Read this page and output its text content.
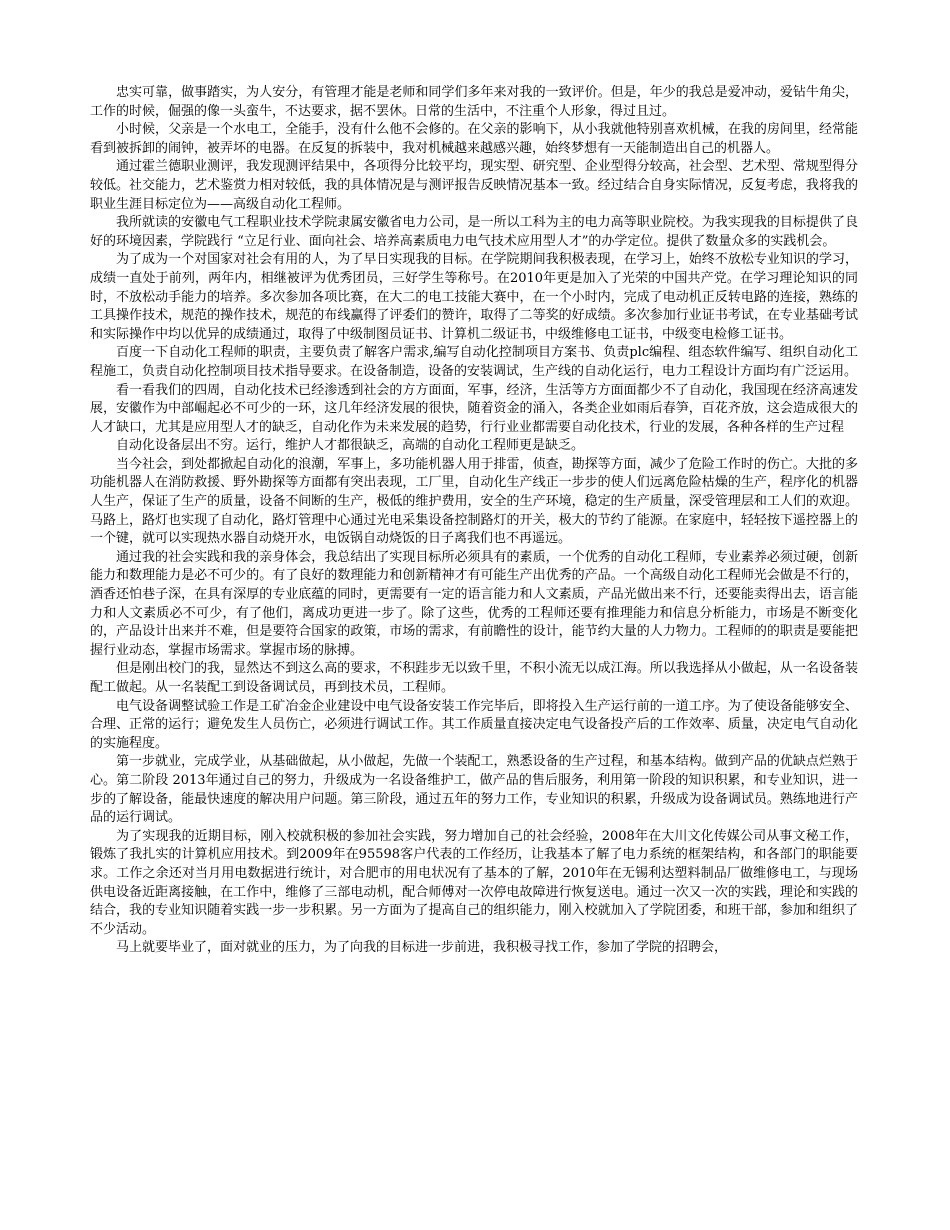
忠实可靠，做事踏实，为人安分，有管理才能是老师和同学们多年来对我的一致评价。但是，年少的我总是爱冲动，爱钻牛角尖，工作的时候，倔强的像一头蛮牛，不达要求，据不罢休。日常的生活中，不注重个人形象，得过且过。

小时候，父亲是一个水电工，全能手，没有什么他不会修的。在父亲的影响下，从小我就他特别喜欢机械，在我的房间里，经常能看到被拆卸的闹钟，被弄坏的电器。在反复的拆装中，我对机械越来越感兴趣，始终梦想有一天能制造出自己的机器人。

通过霍兰德职业测评，我发现测评结果中，各项得分比较平均，现实型、研究型、企业型得分较高，社会型、艺术型、常规型得分较低。社交能力，艺术鉴赏力相对较低，我的具体情况是与测评报告反映情况基本一致。经过结合自身实际情况，反复考虑，我将我的职业生涯目标定位为——高级自动化工程师。

我所就读的安徽电气工程职业技术学院隶属安徽省电力公司，是一所以工科为主的电力高等职业院校。为我实现我的目标提供了良好的环境因素，学院践行 “立足行业、面向社会、培养高素质电力电气技术应用型人才”的办学定位。提供了数量众多的实践机会。

为了成为一个对国家对社会有用的人，为了早日实现我的目标。在学院期间我积极表现，在学习上，始终不放松专业知识的学习，成绩一直处于前列，两年内，相继被评为优秀团员，三好学生等称号。在2010年更是加入了光荣的中国共产党。在学习理论知识的同时，不放松动手能力的培养。多次参加各项比赛，在大二的电工技能大赛中，在一个小时内，完成了电动机正反转电路的连接，熟练的工具操作技术，规范的操作技术，规范的布线赢得了评委们的赞许，取得了二等奖的好成绩。多次参加行业证书考试，在专业基础考试和实际操作中均以优异的成绩通过，取得了中级制图员证书、计算机二级证书，中级维修电工证书，中级变电检修工证书。

百度一下自动化工程师的职责，主要负责了解客户需求,编写自动化控制项目方案书、负责plc编程、组态软件编写、组织自动化工程施工，负责自动化控制项目技术指导要求。在设备制造，设备的安装调试，生产线的自动化运行，电力工程设计方面均有广泛运用。

看一看我们的四周，自动化技术已经渗透到社会的方方面面，军事，经济，生活等方方面面都少不了自动化，我国现在经济高速发展，安徽作为中部崛起必不可少的一环，这几年经济发展的很快，随着资金的涌入，各类企业如雨后春笋，百花齐放，这会造成很大的人才缺口，尤其是应用型人才的缺乏，自动化作为未来发展的趋势，行行业业都需要自动化技术，行业的发展，各种各样的生产过程

自动化设备层出不穷。运行，维护人才都很缺乏，高端的自动化工程师更是缺乏。

当今社会，到处都掀起自动化的浪潮，军事上，多功能机器人用于排雷，侦查，勘探等方面，减少了危险工作时的伤亡。大批的多功能机器人在消防救援、野外勘探等方面都有突出表现，工厂里，自动化生产线正一步步的使人们远离危险枯燥的生产，程序化的机器人生产，保证了生产的质量，设备不间断的生产，极低的维护费用，安全的生产环境，稳定的生产质量，深受管理层和工人们的欢迎。马路上，路灯也实现了自动化，路灯管理中心通过光电采集设备控制路灯的开关，极大的节约了能源。在家庭中，轻轻按下遥控器上的一个键，就可以实现热水器自动烧开水，电饭锅自动烧饭的日子离我们也不再遥远。

通过我的社会实践和我的亲身体会，我总结出了实现目标所必须具有的素质，一个优秀的自动化工程师，专业素养必须过硬，创新能力和数理能力是必不可少的。有了良好的数理能力和创新精神才有可能生产出优秀的产品。一个高级自动化工程师光会做是不行的，酒香还怕巷子深，在具有深厚的专业底蕴的同时，更需要有一定的语言能力和人文素质，产品光做出来不行，还要能卖得出去，语言能力和人文素质必不可少，有了他们，离成功更进一步了。除了这些，优秀的工程师还要有推理能力和信息分析能力，市场是不断变化的，产品设计出来并不难，但是要符合国家的政策，市场的需求，有前瞻性的设计，能节约大量的人力物力。工程师的的职责是要能把握行业动态，掌握市场需求。掌握市场的脉搏。

但是刚出校门的我，显然达不到这么高的要求，不积跬步无以致千里，不积小流无以成江海。所以我选择从小做起，从一名设备装配工做起。从一名装配工到设备调试员，再到技术员，工程师。

电气设备调整试验工作是工矿冶金企业建设中电气设备安装工作完毕后，即将投入生产运行前的一道工序。为了使设备能够安全、合理、正常的运行；避免发生人员伤亡，必须进行调试工作。其工作质量直接决定电气设备投产后的工作效率、质量，决定电气自动化的实施程度。

第一步就业，完成学业，从基础做起，从小做起，先做一个装配工，熟悉设备的生产过程，和基本结构。做到产品的优缺点烂熟于心。第二阶段 2013年通过自己的努力，升级成为一名设备维护工，做产品的售后服务，利用第一阶段的知识积累，和专业知识，进一步的了解设备，能最快速度的解决用户问题。第三阶段，通过五年的努力工作，专业知识的积累，升级成为设备调试员。熟练地进行产品的运行调试。

为了实现我的近期目标，刚入校就积极的参加社会实践，努力增加自己的社会经验，2008年在大川文化传媒公司从事文秘工作，锻炼了我扎实的计算机应用技术。到2009年在95598客户代表的工作经历，让我基本了解了电力系统的框架结构，和各部门的职能要求。工作之余还对当月用电数据进行统计，对合肥市的用电状况有了基本的了解，2010年在无锡利达塑料制品厂做维修电工，与现场供电设备近距离接触，在工作中，维修了三部电动机，配合师傅对一次停电故障进行恢复送电。通过一次又一次的实践，理论和实践的结合，我的专业知识随着实践一步一步积累。另一方面为了提高自己的组织能力，刚入校就加入了学院团委，和班干部，参加和组织了不少活动。

马上就要毕业了，面对就业的压力，为了向我的目标进一步前进，我积极寻找工作，参加了学院的招聘会，
